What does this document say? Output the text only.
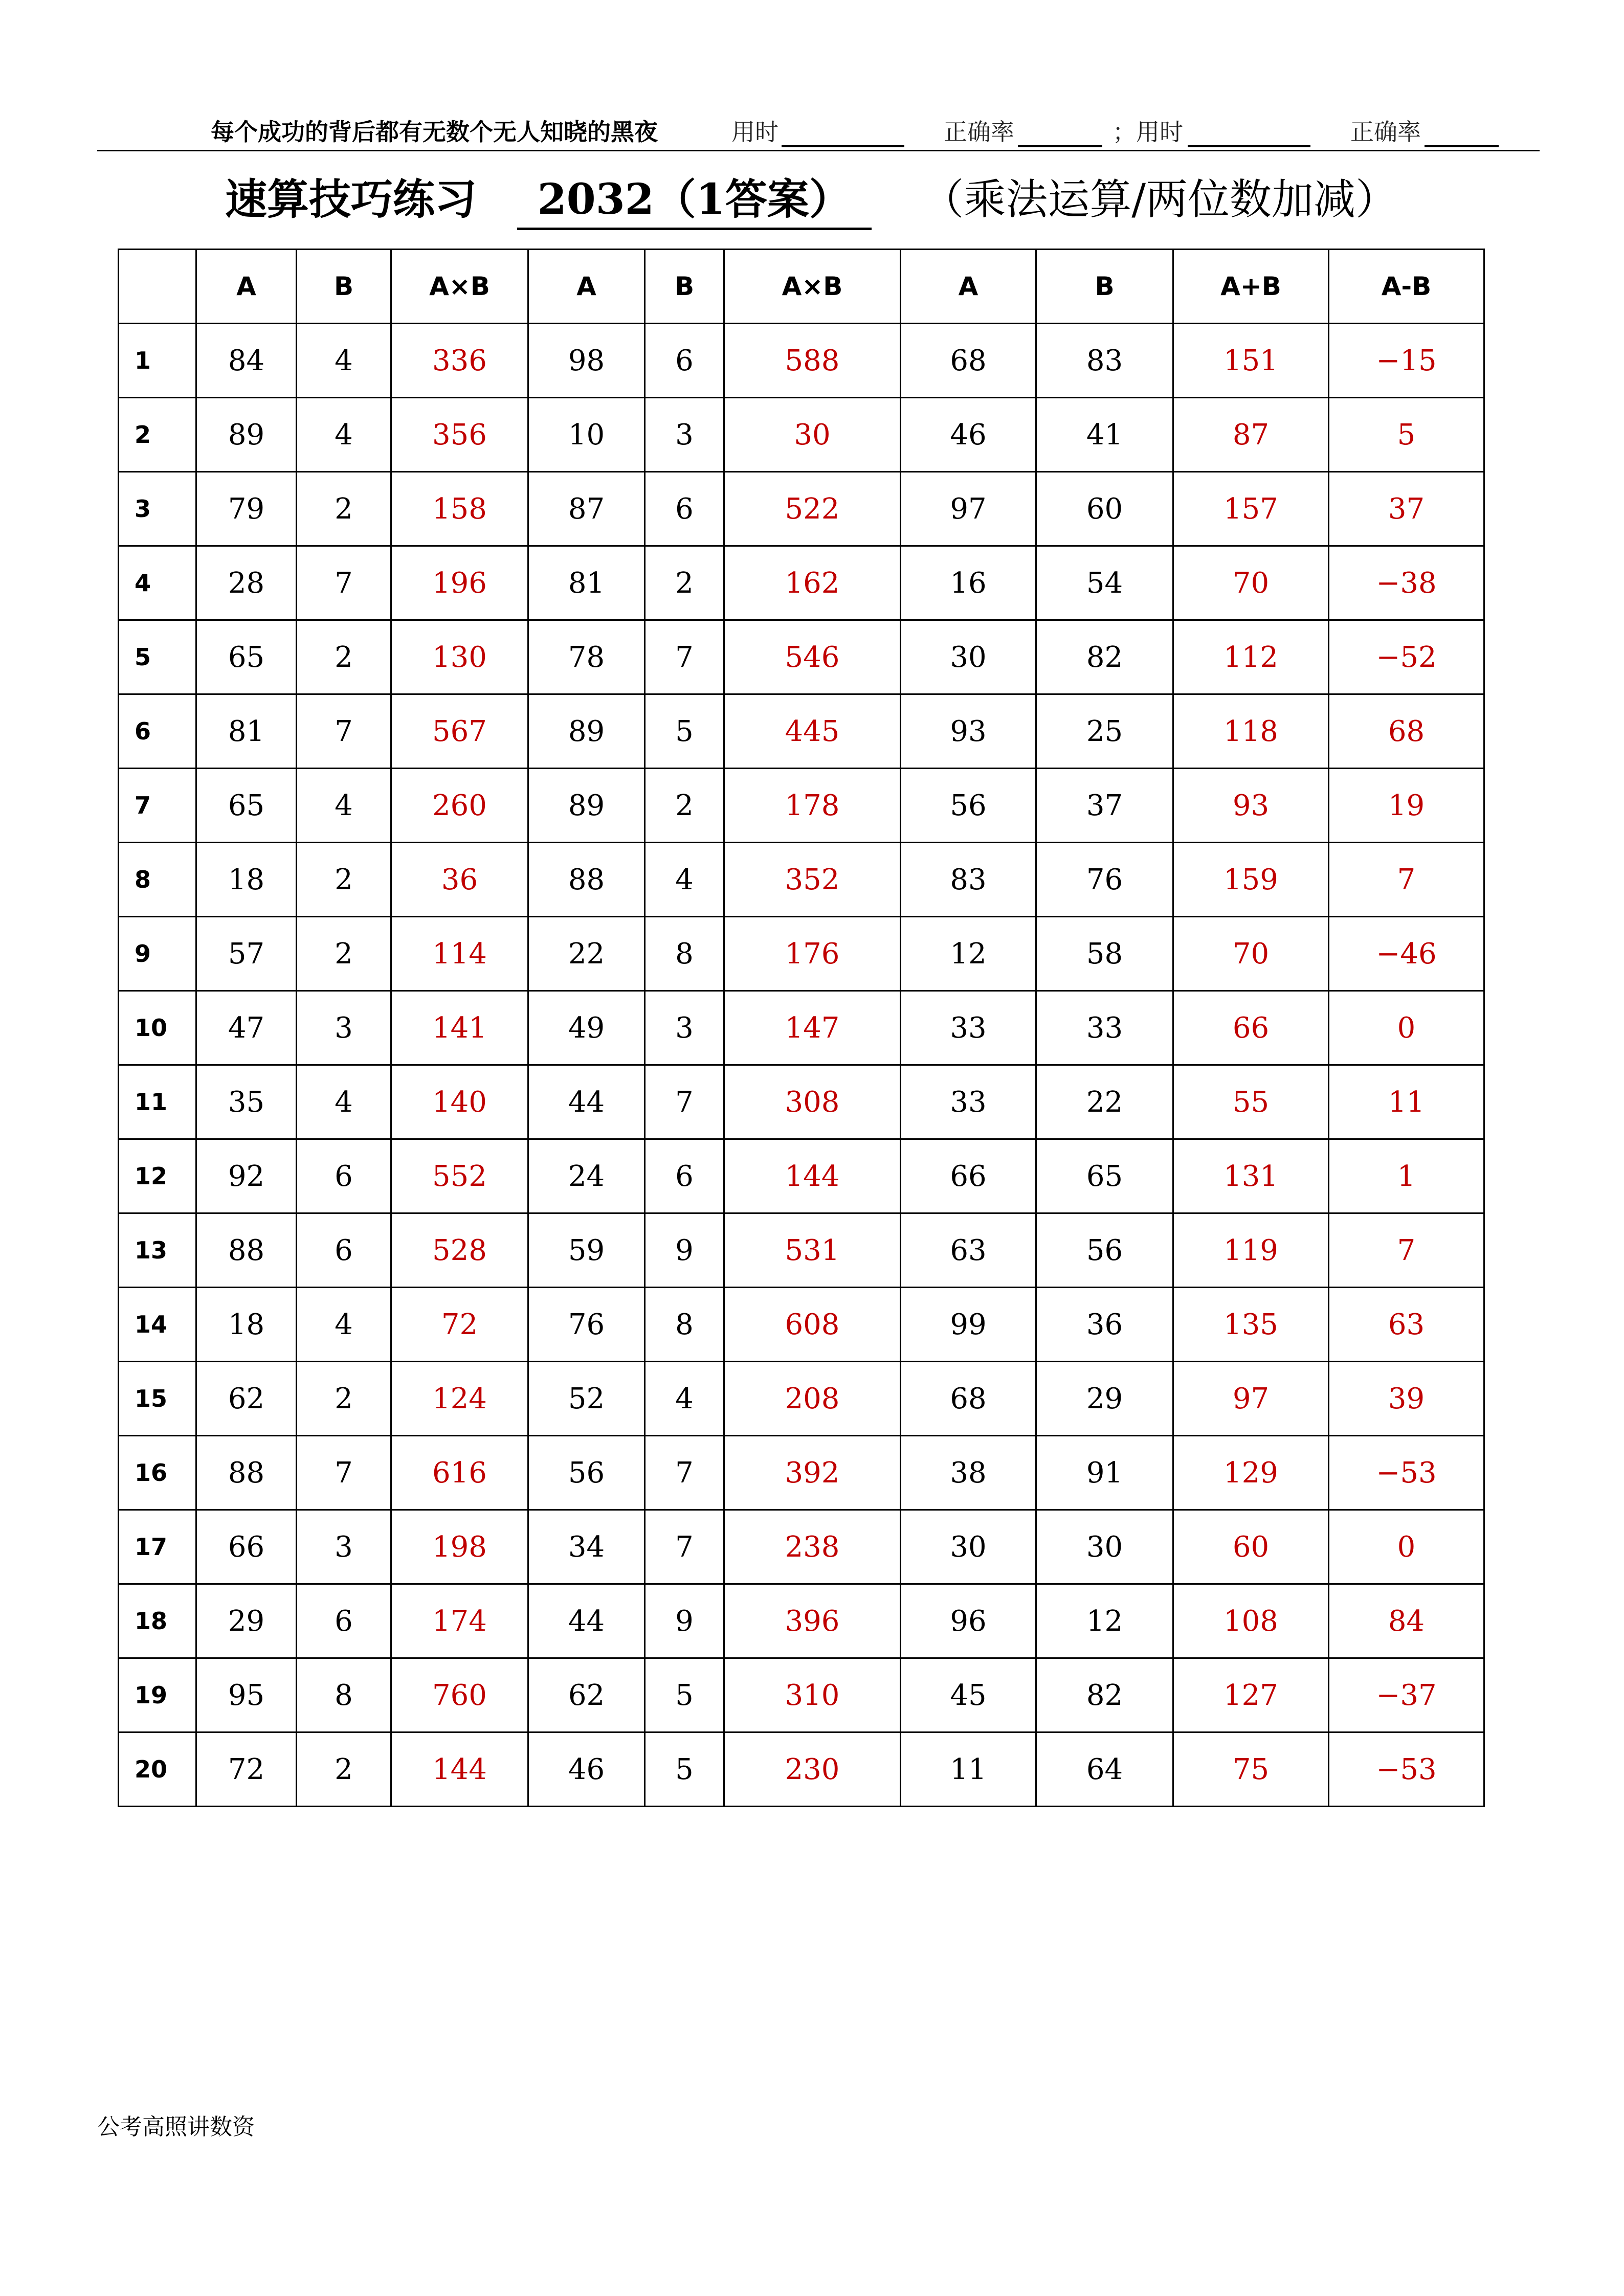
每个成功的背后都有无数个无人知晓的黑夜	用时	正确率	；用时	正确率
速算技巧练习 2032（1答案） （乘法运算/两位数加减）
	A	B	A×B	A	B	A×B	A	B	A+B	A-B
1	84	4	336	98	6	588	68	83	151	−15
2	89	4	356	10	3	30	46	41	87	5
3	79	2	158	87	6	522	97	60	157	37
4	28	7	196	81	2	162	16	54	70	−38
5	65	2	130	78	7	546	30	82	112	−52
6	81	7	567	89	5	445	93	25	118	68
7	65	4	260	89	2	178	56	37	93	19
8	18	2	36	88	4	352	83	76	159	7
9	57	2	114	22	8	176	12	58	70	−46
10	47	3	141	49	3	147	33	33	66	0
11	35	4	140	44	7	308	33	22	55	11
12	92	6	552	24	6	144	66	65	131	1
13	88	6	528	59	9	531	63	56	119	7
14	18	4	72	76	8	608	99	36	135	63
15	62	2	124	52	4	208	68	29	97	39
16	88	7	616	56	7	392	38	91	129	−53
17	66	3	198	34	7	238	30	30	60	0
18	29	6	174	44	9	396	96	12	108	84
19	95	8	760	62	5	310	45	82	127	−37
20	72	2	144	46	5	230	11	64	75	−53
公考高照讲数资
